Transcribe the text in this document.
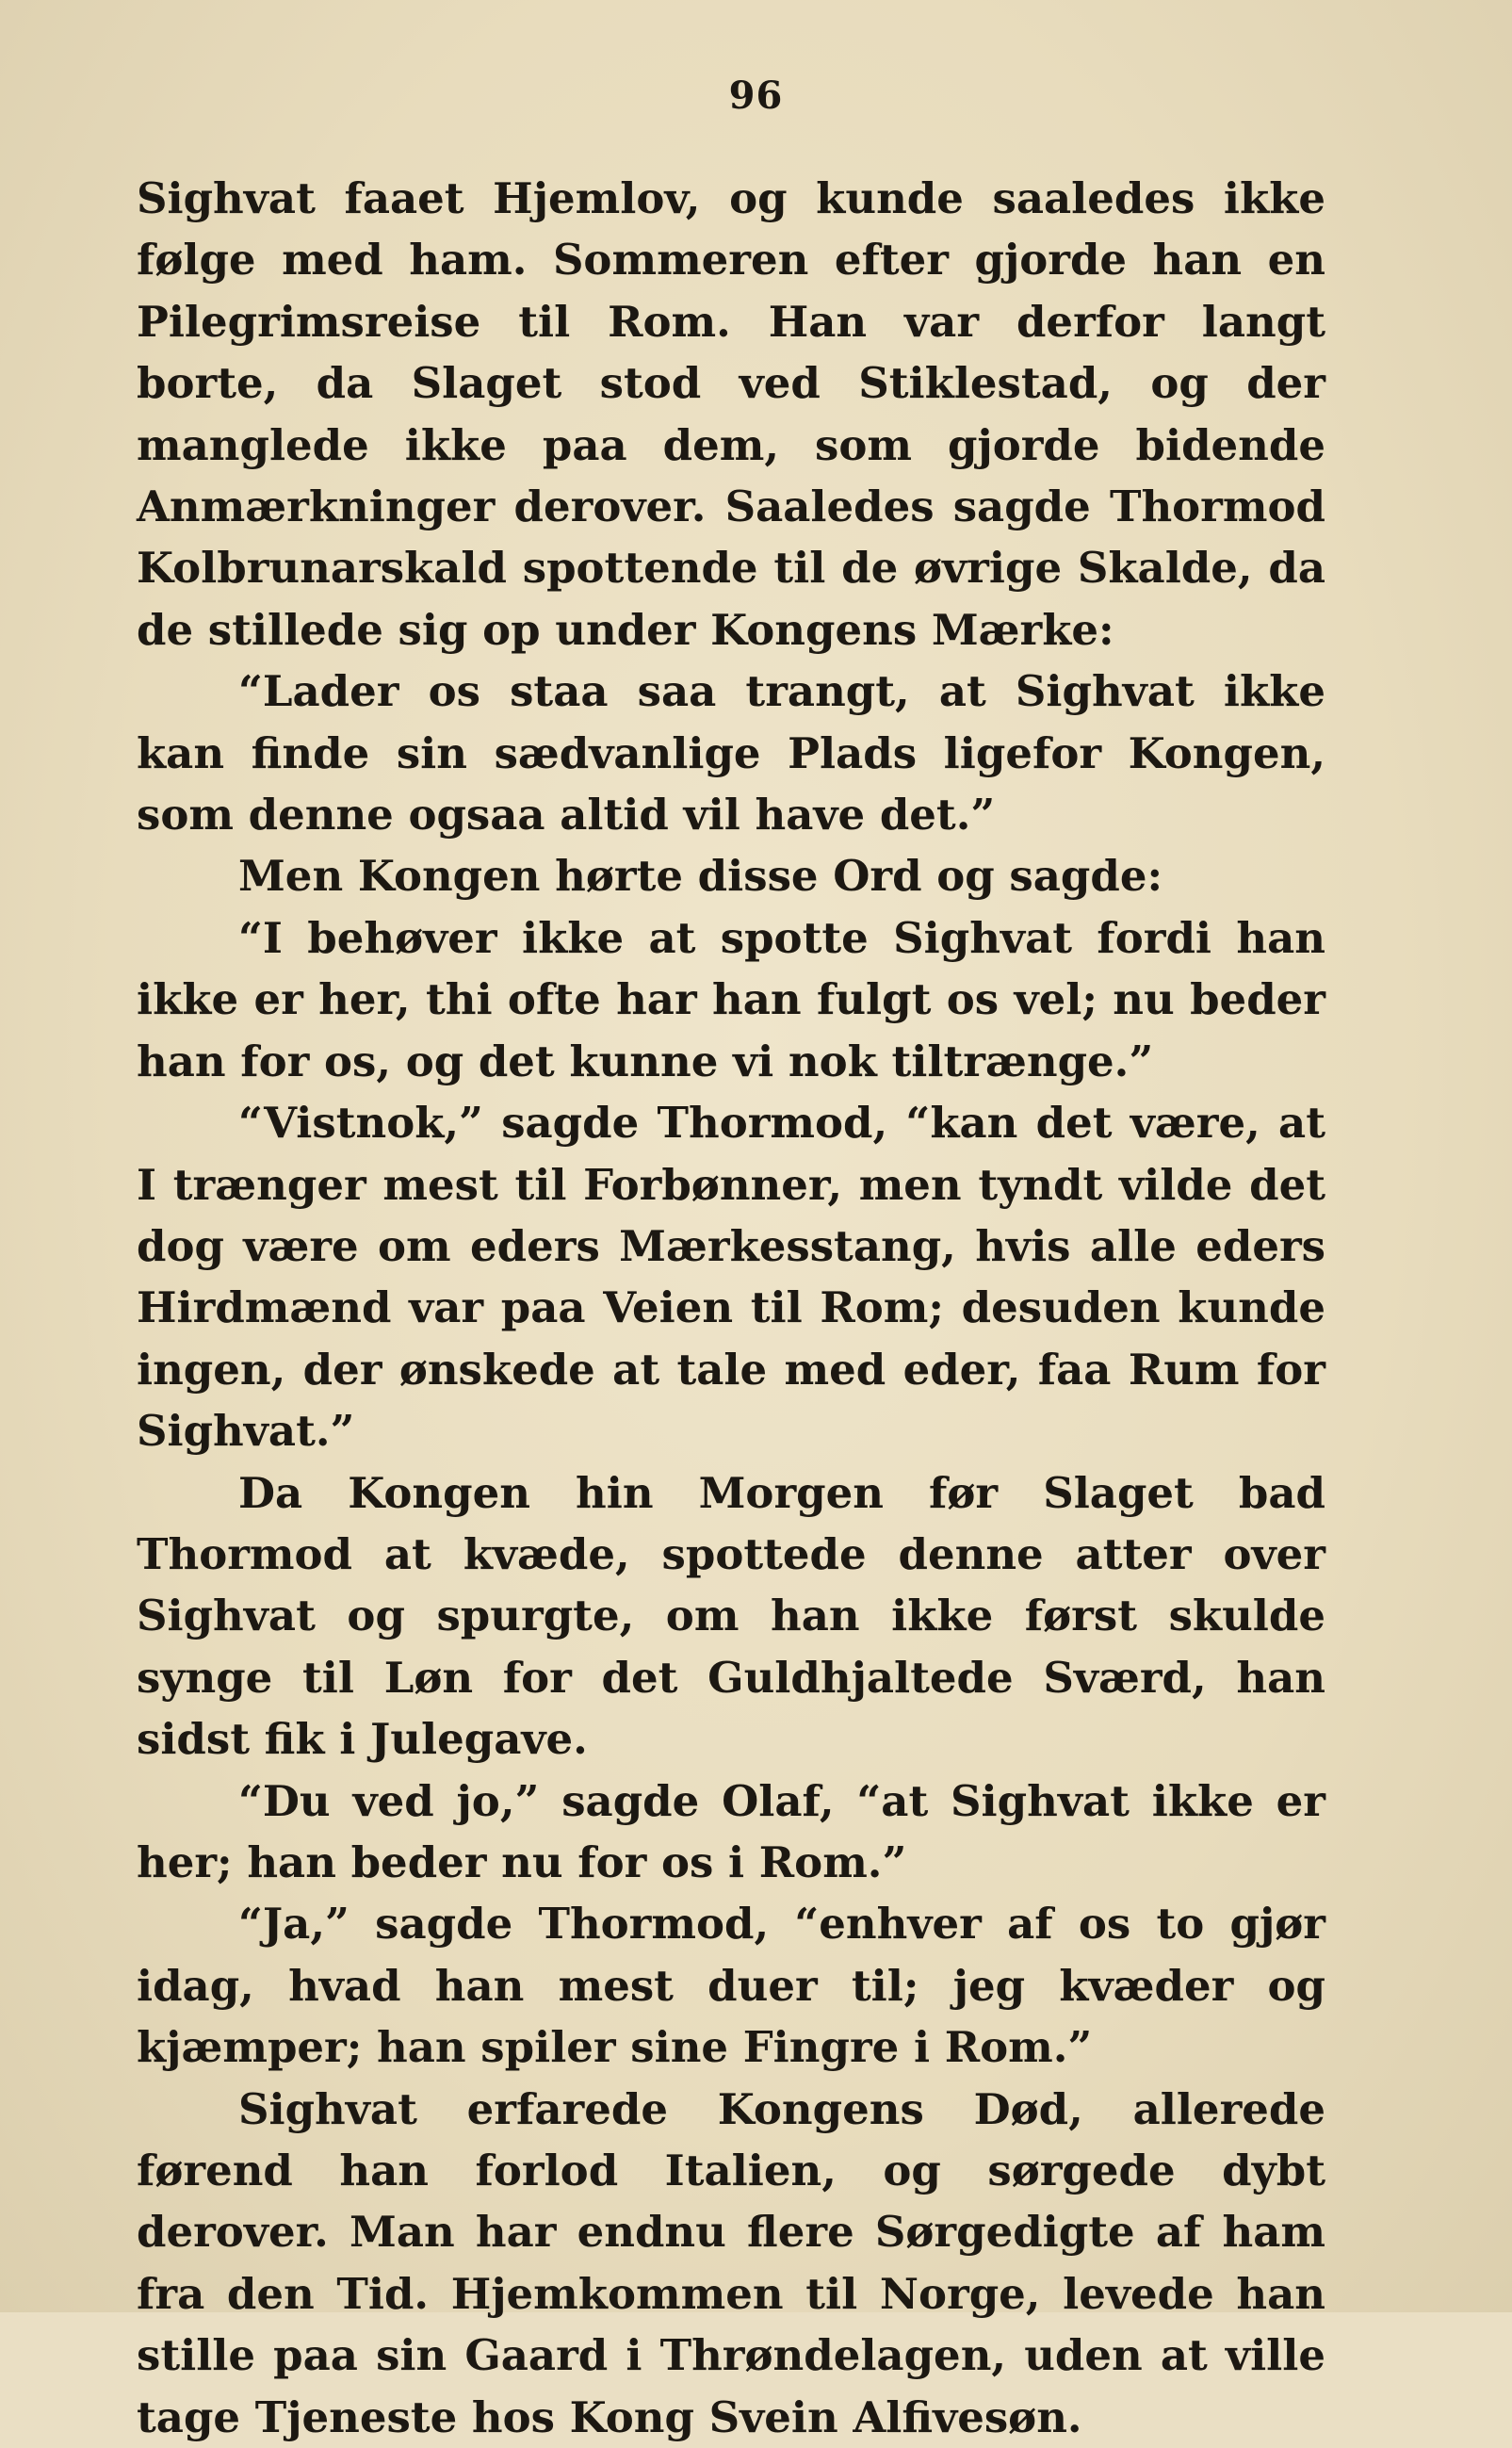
96

Sighvat faaet Hjemlov, og kunde saaledes ikke følge med ham. Sommeren efter gjorde han en Pilegrimsreise til Rom. Han var derfor langt borte, da Slaget stod ved Stiklestad, og der manglede ikke paa dem, som gjorde bidende Anmærkninger derover. Saaledes sagde Thormod Kolbrunarskald spottende til de øvrige Skalde, da de stillede sig op under Kongens Mærke:

“Lader os staa saa trangt, at Sighvat ikke kan finde sin sædvanlige Plads ligefor Kongen, som denne ogsaa altid vil have det.”

Men Kongen hørte disse Ord og sagde:

“I behøver ikke at spotte Sighvat fordi han ikke er her, thi ofte har han fulgt os vel; nu beder han for os, og det kunne vi nok tiltrænge.”

“Vistnok,” sagde Thormod, “kan det være, at I trænger mest til Forbønner, men tyndt vilde det dog være om eders Mærkesstang, hvis alle eders Hirdmænd var paa Veien til Rom; desuden kunde ingen, der ønskede at tale med eder, faa Rum for Sighvat.”

Da Kongen hin Morgen før Slaget bad Thormod at kvæde, spottede denne atter over Sighvat og spurgte, om han ikke først skulde synge til Løn for det Guldhjaltede Sværd, han sidst fik i Julegave.

“Du ved jo,” sagde Olaf, “at Sighvat ikke er her; han beder nu for os i Rom.”

“Ja,” sagde Thormod, “enhver af os to gjør idag, hvad han mest duer til; jeg kvæder og kjæmper; han spiler sine Fingre i Rom.”

Sighvat erfarede Kongens Død, allerede førend han forlod Italien, og sørgede dybt derover. Man har endnu flere Sørgedigte af ham fra den Tid. Hjemkommen til Norge, levede han stille paa sin Gaard i Thrøndelagen, uden at ville tage Tjeneste hos Kong Svein Alfivesøn.
